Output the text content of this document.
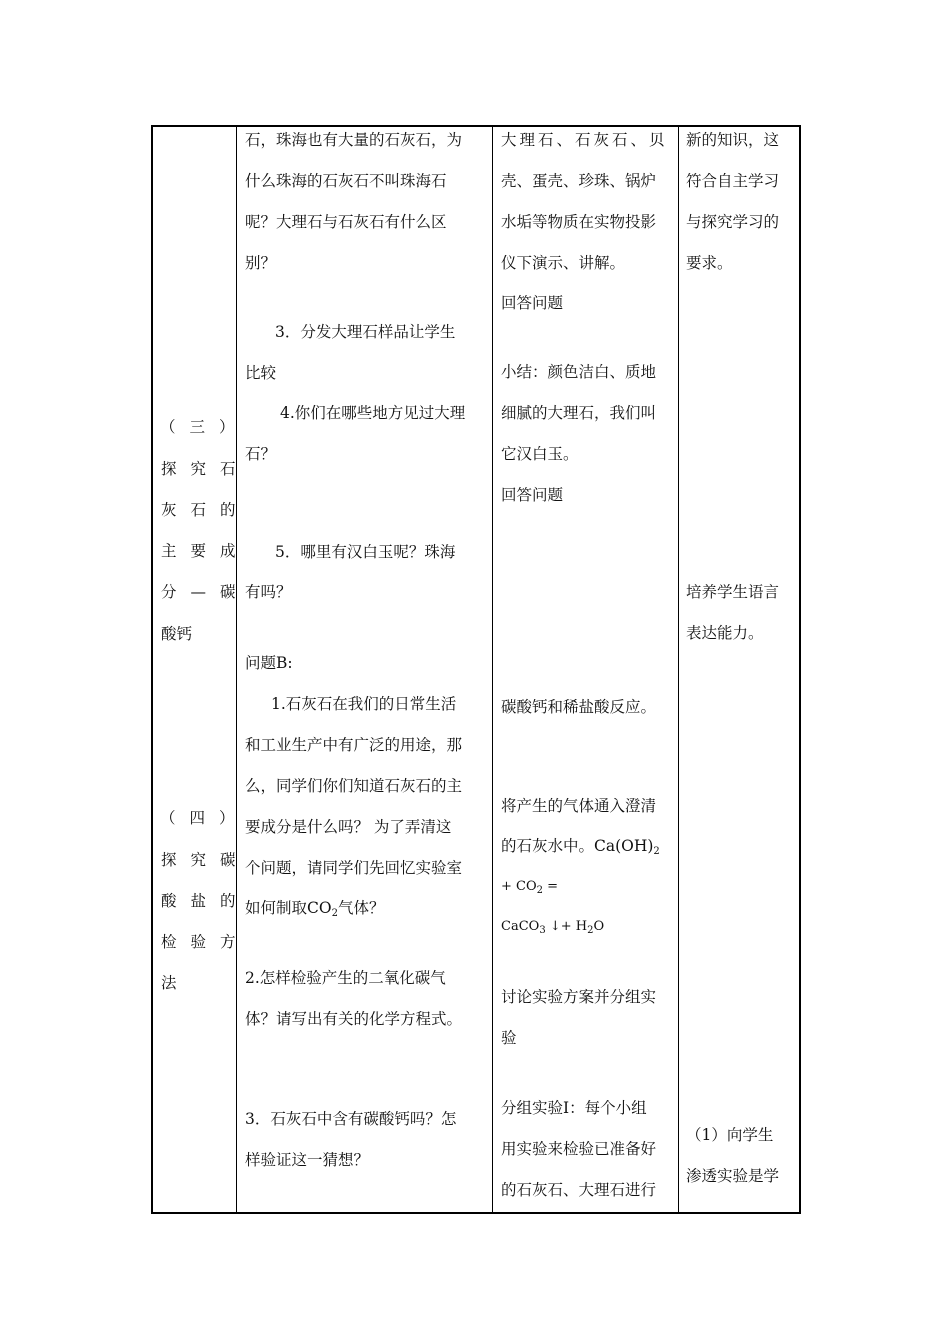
（三）
探究石
灰石的
主要成
分—碳
酸钙
（四）
探究碳
酸盐的
检验方
法
石，珠海也有大量的石灰石，为
什么珠海的石灰石不叫珠海石
呢？大理石与石灰石有什么区
别？
3．分发大理石样品让学生
比较
4.你们在哪些地方见过大理
石？
5．哪里有汉白玉呢？珠海
有吗？
问题B:
1.石灰石在我们的日常生活
和工业生产中有广泛的用途，那
么，同学们你们知道石灰石的主
要成分是什么吗？ 为了弄清这
个问题，请同学们先回忆实验室
如何制取CO2气体？
2.怎样检验产生的二氧化碳气
体？请写出有关的化学方程式。
3．石灰石中含有碳酸钙吗？怎
样验证这一猜想？
大理石、石灰石、贝
壳、蛋壳、珍珠、锅炉
水垢等物质在实物投影
仪下演示、讲解。
回答问题
小结：颜色洁白、质地
细腻的大理石，我们叫
它汉白玉。
回答问题
碳酸钙和稀盐酸反应。
将产生的气体通入澄清
的石灰水中。Ca(OH)2
+ $CO_2$ =
CaCO$_3$ ↓+ $H_2O$
讨论实验方案并分组实
验
分组实验Ⅰ：每个小组
用实验来检验已准备好
的石灰石、大理石进行
新的知识，这
符合自主学习
与探究学习的
要求。
培养学生语言
表达能力。
（1）向学生
渗透实验是学
